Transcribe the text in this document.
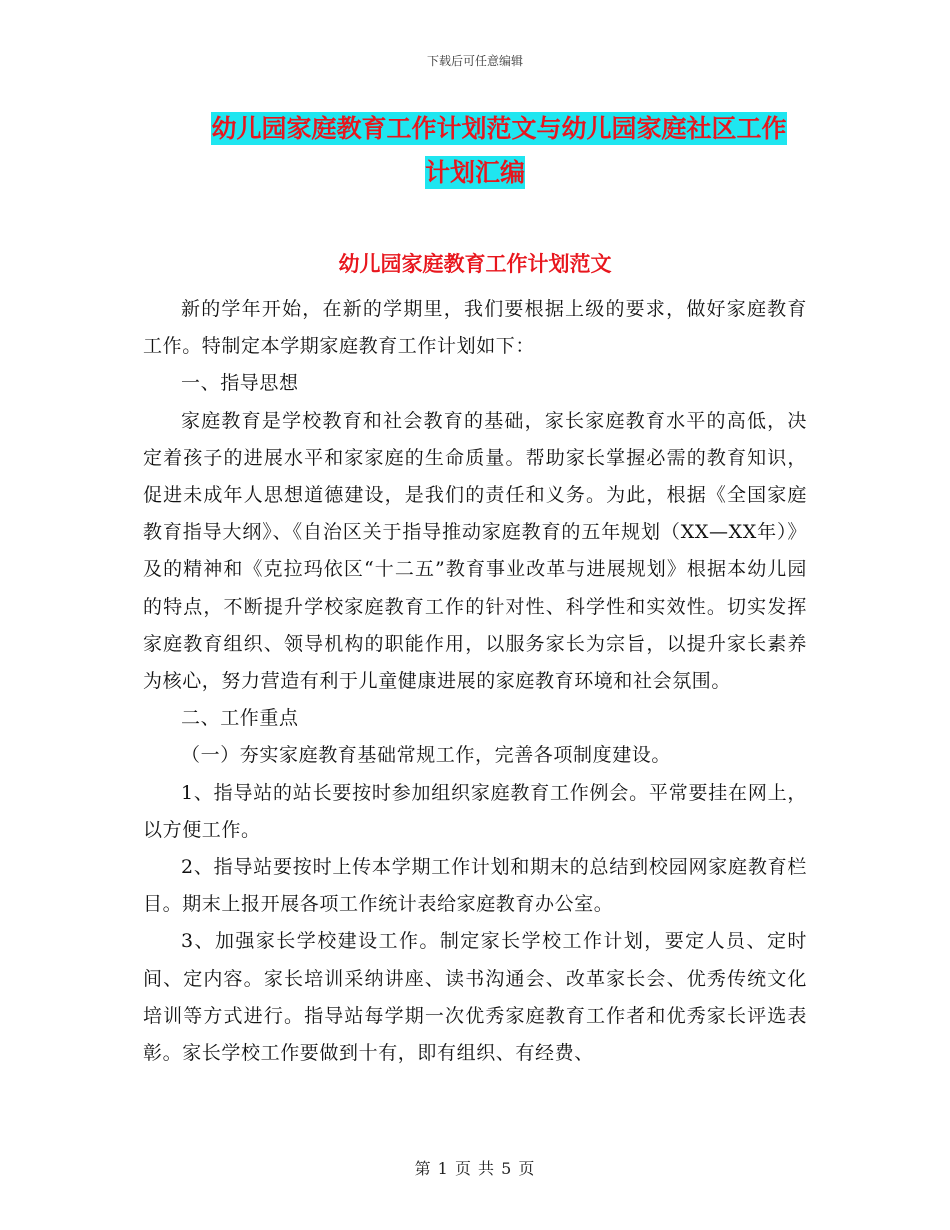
下载后可任意编辑
幼儿园家庭教育工作计划范文与幼儿园家庭社区工作
计划汇编
幼儿园家庭教育工作计划范文

新的学年开始，在新的学期里，我们要根据上级的要求，做好家庭教育工作。特制定本学期家庭教育工作计划如下：

一、指导思想

家庭教育是学校教育和社会教育的基础，家长家庭教育水平的高低，决定着孩子的进展水平和家家庭的生命质量。帮助家长掌握必需的教育知识，促进未成年人思想道德建设，是我们的责任和义务。为此，根据《全国家庭教育指导大纲》、《自治区关于指导推动家庭教育的五年规划（XX—XX年）》及的精神和《克拉玛依区“十二五”教育事业改革与进展规划》根据本幼儿园的特点，不断提升学校家庭教育工作的针对性、科学性和实效性。切实发挥家庭教育组织、领导机构的职能作用，以服务家长为宗旨，以提升家长素养为核心，努力营造有利于儿童健康进展的家庭教育环境和社会氛围。

二、工作重点

（一）夯实家庭教育基础常规工作，完善各项制度建设。

1、指导站的站长要按时参加组织家庭教育工作例会。平常要挂在网上，以方便工作。

2、指导站要按时上传本学期工作计划和期末的总结到校园网家庭教育栏目。期末上报开展各项工作统计表给家庭教育办公室。

3、加强家长学校建设工作。制定家长学校工作计划，要定人员、定时间、定内容。家长培训采纳讲座、读书沟通会、改革家长会、优秀传统文化培训等方式进行。指导站每学期一次优秀家庭教育工作者和优秀家长评选表彰。家长学校工作要做到十有，即有组织、有经费、

第 1 页 共 5 页
